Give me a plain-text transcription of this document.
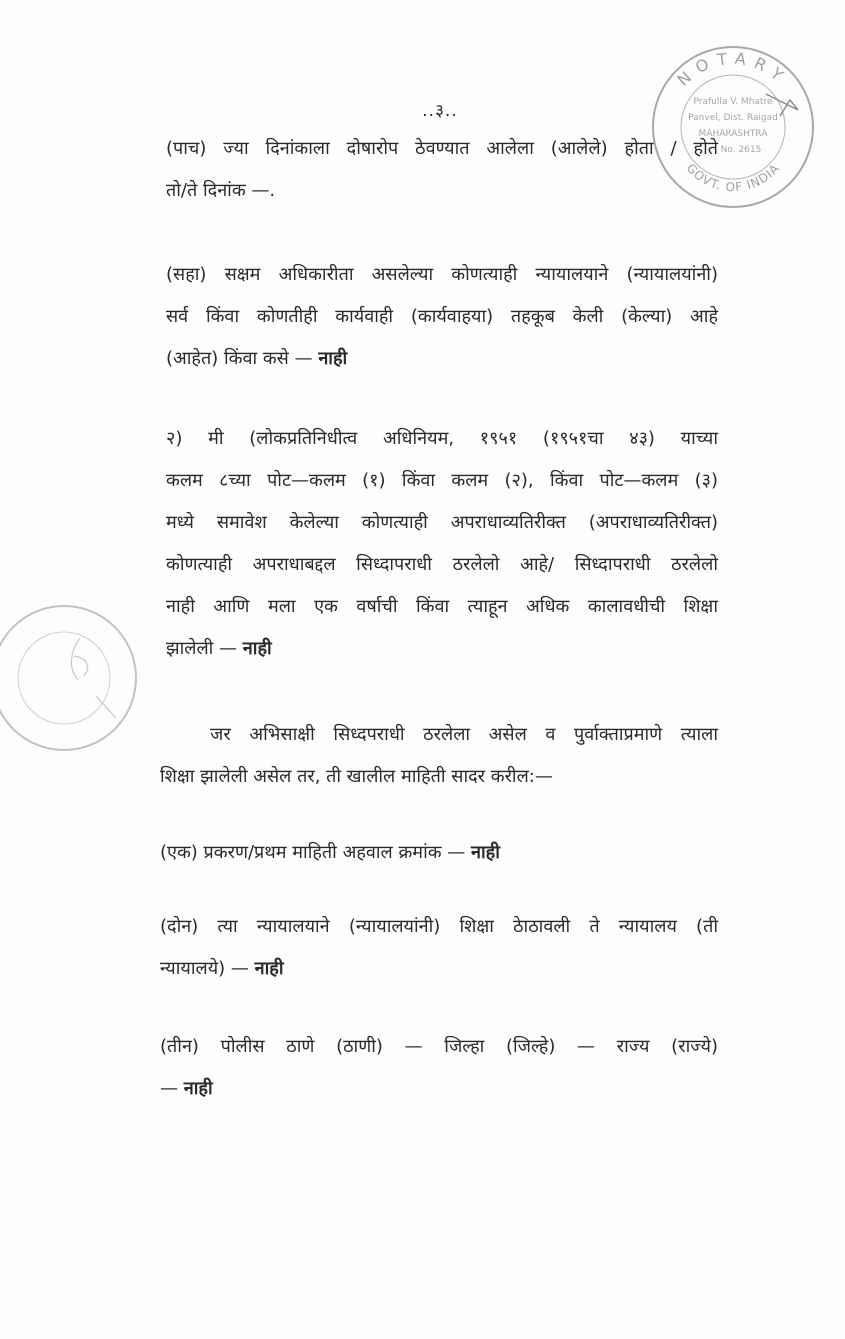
..३..
(पाच) ज्या दिनांकाला दोषारोप ठेवण्यात आलेला (आलेले) होता / होते
तो/ते दिनांक —.
(सहा) सक्षम अधिकारीता असलेल्या कोणत्याही न्यायालयाने (न्यायालयांनी)
सर्व किंवा कोणतीही कार्यवाही (कार्यवाहया) तहकूब केली (केल्या) आहे
(आहेत) किंवा कसे — नाही
२) मी (लोकप्रतिनिधीत्व अधिनियम, १९५१ (१९५१चा ४३) याच्या
कलम ८च्या पोट—कलम (१) किंवा कलम (२), किंवा पोट—कलम (३)
मध्ये समावेश केलेल्या कोणत्याही अपराधाव्यतिरीक्त (अपराधाव्यतिरीक्त)
कोणत्याही अपराधाबद्दल सिध्दापराधी ठरलेलो आहे/ सिध्दापराधी ठरलेलो
नाही आणि मला एक वर्षाची किंवा त्याहून अधिक कालावधीची शिक्षा
झालेली — नाही
जर अभिसाक्षी सिध्दपराधी ठरलेला असेल व पुर्वाक्ताप्रमाणे त्याला
शिक्षा झालेली असेल तर, ती खालील माहिती सादर करील:—
(एक) प्रकरण/प्रथम माहिती अहवाल क्रमांक — नाही
(दोन) त्या न्यायालयाने (न्यायालयांनी) शिक्षा ठेाठावली ते न्यायालय (ती
न्यायालये) — नाही
(तीन) पोलीस ठाणे (ठाणी) — जिल्हा (जिल्हे) — राज्य (राज्ये)
— नाही
NOTARY
GOVT. OF INDIA
Prafulla V. Mhatre
Panvel, Dist. Raigad
MAHARASHTRA
No. 2615
